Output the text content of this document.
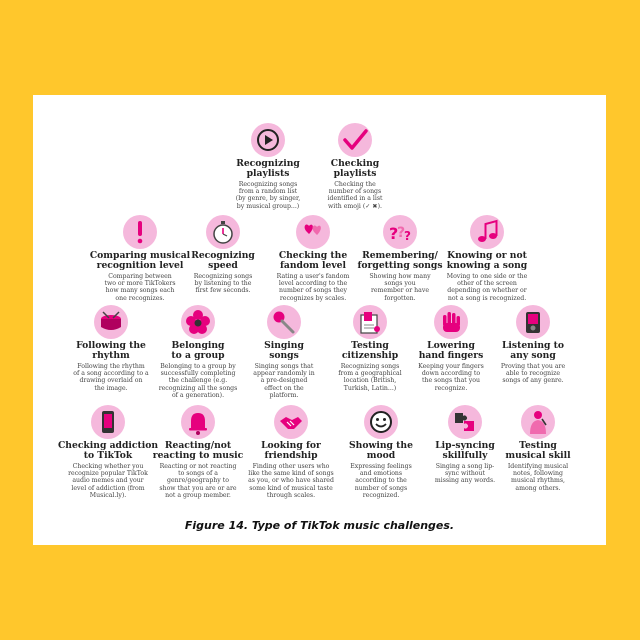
Recognizing
playlists
Recognizing songs
from a random list
(by genre, by singer,
by musical group...)
Checking
playlists
Checking the
number of songs
identified in a list
with emoji (✓ ✖).
Comparing musical
recognition level
Comparing between
two or more TikTokers
how many songs each
one recognizes.
Recognizing
speed
Recognizing songs
by listening to the
first few seconds.
Checking the
fandom level
Rating a user's fandom
level according to the
number of songs they
recognizes by scales.
?
?
?
Remembering/
forgetting songs
Showing how many
songs you
remember or have
forgotten.
Knowing or not
knowing a song
Moving to one side or the
other of the screen
depending on whether or
not a song is recognized.
Following the
rhythm
Following the rhythm
of a song according to a
drawing overlaid on
the image.
Belonging
to a group
Belonging to a group by
successfully completing
the challenge (e.g.
recognizing all the songs
of a generation).
Singing
songs
Singing songs that
appear randomly in
a pre-designed
effect on the
platform.
Testing
citizenship
Recognizing songs
from a geographical
location (British,
Turkish, Latin...)
Lowering
hand fingers
Keeping your fingers
down according to
the songs that you
recognize.
Listening to
any song
Proving that you are
able to recognize
songs of any genre.
Checking addiction
to TikTok
Checking whether you
recognize popular TikTok
audio memes and your
level of addiction (from
Musical.ly).
Reacting/not
reacting to music
Reacting or not reacting
to songs of a
genre/geography to
show that you are or are
not a group member.
Looking for
friendship
Finding other users who
like the same kind of songs
as you, or who have shared
some kind of musical taste
through scales.
Showing the
mood
Expressing feelings
and emotions
according to the
number of songs
recognized.
Lip-syncing
skillfully
Singing a song lip-
sync without
missing any words.
Testing
musical skill
Identifying musical
notes, following
musical rhythms,
among others.
Figure 14. Type of TikTok music challenges.
